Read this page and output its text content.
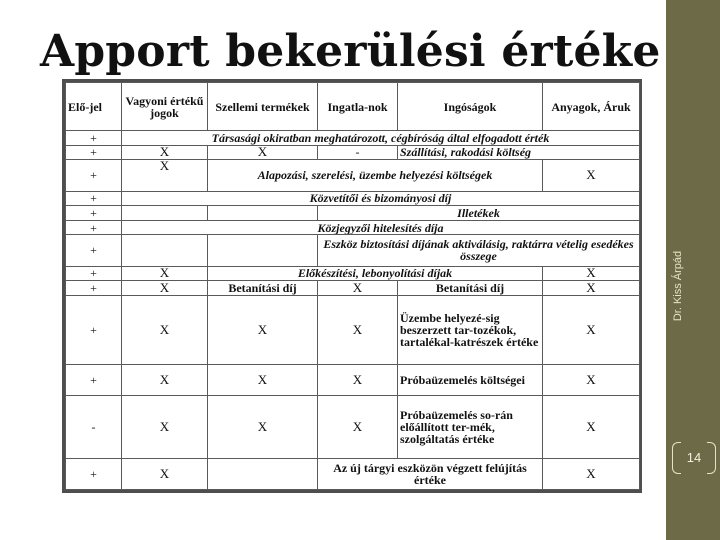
Dr. Kiss Árpád
14
Apport bekerülési értéke
Elő-jel	Vagyoni értékű jogok	Szellemi termékek	Ingatla-nok	Ingóságok	Anyagok, Áruk
+	Társasági okiratban meghatározott, cégbíróság által elfogadott érték				
+	X	X	-	Szállítási, rakodási költség	
+	X	Alapozási, szerelési, üzembe helyezési költségek			X
+	Közvetítői és bizományosi díj				
+			Illetékek		
+	Közjegyzői hitelesítés díja				
+			Eszköz biztosítási díjának aktiválásig, raktárra vételig esedékes összege		
+	X	Előkészítési, lebonyolítási díjak			X
+	X	Betanítási díj	X	Betanítási díj	X
+	X	X	X	Üzembe helyezé-sig beszerzett tar-tozékok, tartalékal-katrészek értéke	X
+	X	X	X	Próbaüzemelés költségei	X
-	X	X	X	Próbaüzemelés so-rán előállított ter-mék, szolgáltatás értéke	X
+	X		Az új tárgyi eszközön végzett felújítás értéke		X
